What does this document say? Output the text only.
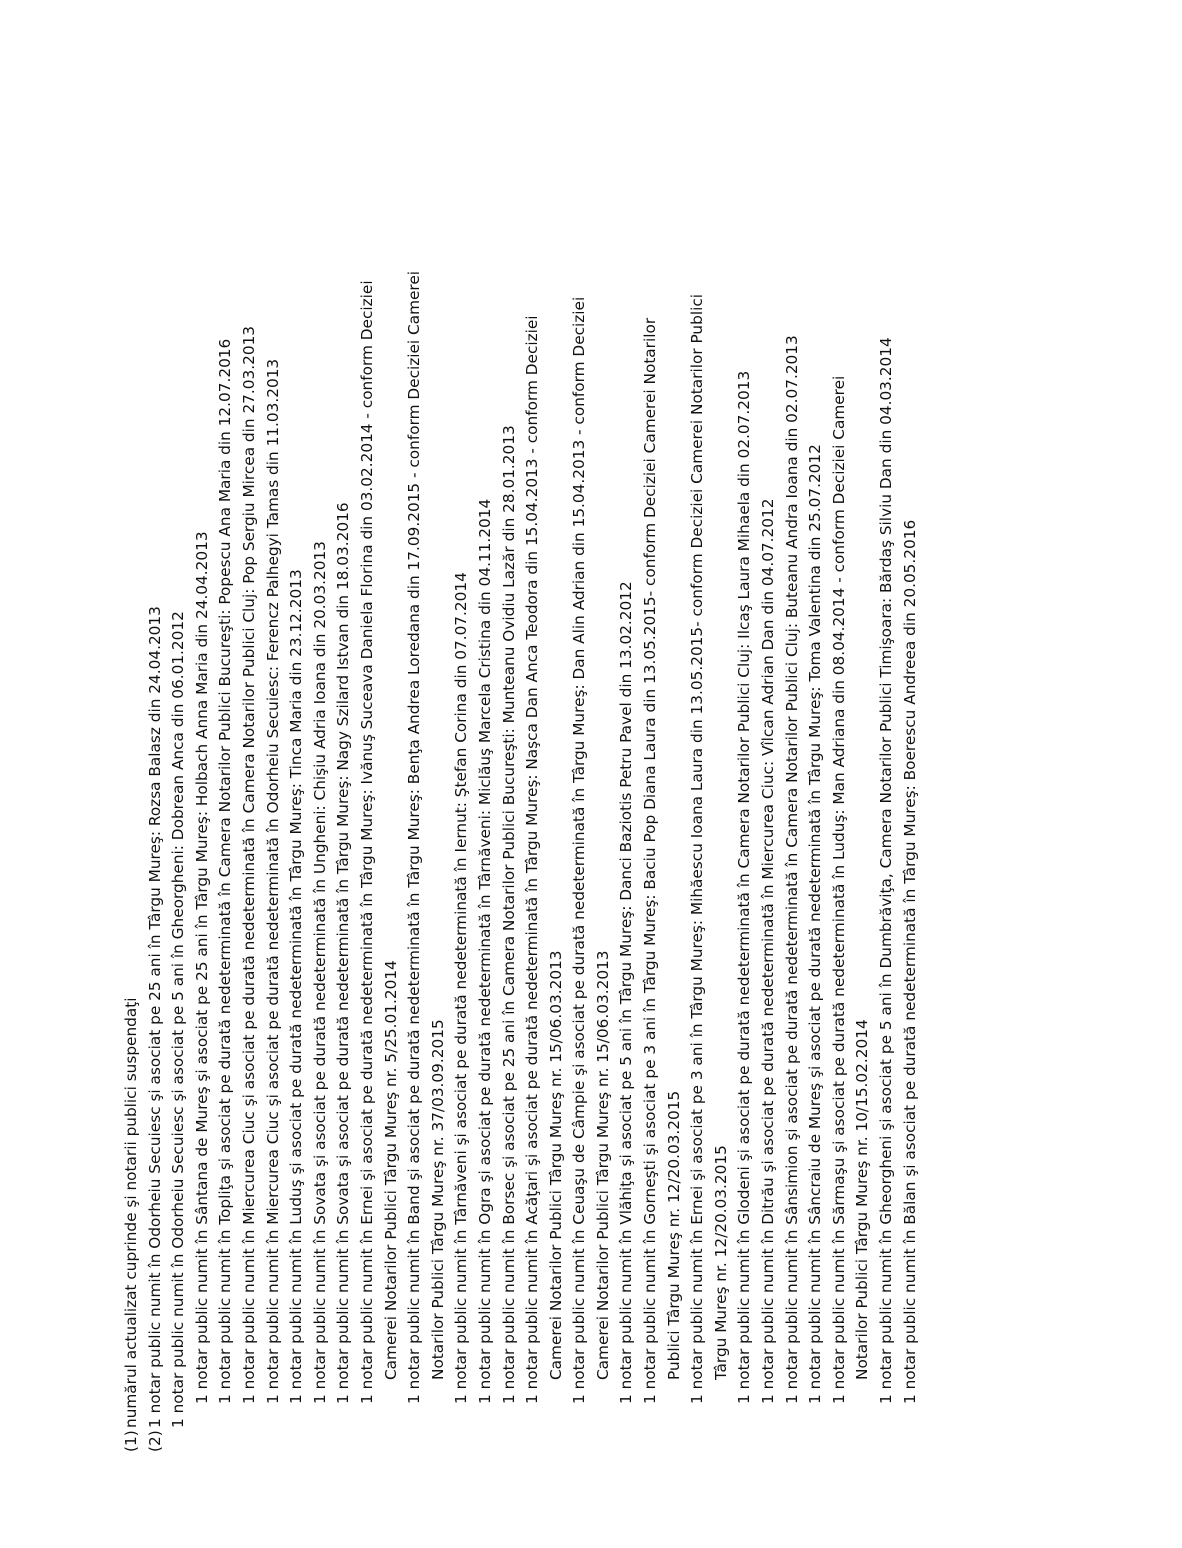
(1)numărul actualizat cuprinde şi notarii publici suspendaţi
(2)1 notar public numit în Odorheiu Secuiesc şi asociat pe 25 ani în Târgu Mureş: Rozsa Balasz din 24.04.2013 1 notar public numit în Odorheiu Secuiesc şi asociat pe 5 ani în Gheorgheni: Dobrean Anca din 06.01.2012 1 notar public numit în Sântana de Mureş şi asociat pe 25 ani în Târgu Mureş: Holbach Anna Maria din 24.04.2013 1 notar public numit în Topliţa şi asociat pe durată nedeterminată în Camera Notarilor Publici Bucureşti: Popescu Ana Maria din 12.07.2016 1 notar public numit în Miercurea Ciuc şi asociat pe durată nedeterminată în Camera Notarilor Publici Cluj: Pop Sergiu Mircea din 27.03.2013 1 notar public numit în Miercurea Ciuc şi asociat pe durată nedeterminată în Odorheiu Secuiesc: Ferencz Palhegyi Tamas din 11.03.2013 1 notar public numit în Luduş şi asociat pe durată nedeterminată în Târgu Mureş: Tinca Maria din 23.12.2013 1 notar public numit în Sovata şi asociat pe durată nedeterminată în Ungheni: Chişiu Adria Ioana din 20.03.2013 1 notar public numit în Sovata şi asociat pe durată nedeterminată în Târgu Mureş: Nagy Szilard Istvan din 18.03.2016 1 notar public numit în Ernei şi asociat pe durată nedeterminată în Târgu Mureş: Ivănuş Suceava Daniela Florina din 03.02.2014 - conform Deciziei Camerei Notarilor Publici Târgu Mureş nr. 5/25.01.2014 1 notar public numit în Band şi asociat pe durată nedeterminată în Târgu Mureş: Benţa Andrea Loredana din 17.09.2015 - conform Deciziei Camerei Notarilor Publici Târgu Mureş nr. 37/03.09.2015 1 notar public numit în Târnăveni şi asociat pe durată nedeterminată în Iernut: Ştefan Corina din 07.07.2014 1 notar public numit în Ogra şi asociat pe durată nedeterminată în Târnăveni: Miclăuş Marcela Cristina din 04.11.2014 1 notar public numit în Borsec şi asociat pe 25 ani în Camera Notarilor Publici Bucureşti: Munteanu Ovidiu Lazăr din 28.01.2013 1 notar public numit în Acăţari şi asociat pe durată nedeterminată în Târgu Mureş: Naşca Dan Anca Teodora din 15.04.2013 - conform Deciziei Camerei Notarilor Publici Târgu Mureş nr. 15/06.03.2013 1 notar public numit în Ceuaşu de Câmpie şi asociat pe durată nedeterminată în Târgu Mureş: Dan Alin Adrian din 15.04.2013 - conform Deciziei Camerei Notarilor Publici Târgu Mureş nr. 15/06.03.2013 1 notar public numit în Vlăhiţa şi asociat pe 5 ani în Târgu Mureş: Danci Baziotis Petru Pavel din 13.02.2012 1 notar public numit în Gorneşti şi asociat pe 3 ani în Târgu Mureş: Baciu Pop Diana Laura din 13.05.2015- conform Deciziei Camerei Notarilor Publici Târgu Mureş nr. 12/20.03.2015 1 notar public numit în Ernei şi asociat pe 3 ani în Târgu Mureş: Mihăescu Ioana Laura din 13.05.2015- conform Deciziei Camerei Notarilor Publici Târgu Mureş nr. 12/20.03.2015 1 notar public numit în Glodeni şi asociat pe durată nedeterminată în Camera Notarilor Publici Cluj: Ilcaş Laura Mihaela din 02.07.2013 1 notar public numit în Ditrău şi asociat pe durată nedeterminată în Miercurea Ciuc: Vîlcan Adrian Dan din 04.07.2012 1 notar public numit în Sânsimion şi asociat pe durată nedeterminată în Camera Notarilor Publici Cluj: Buteanu Andra Ioana din 02.07.2013 1 notar public numit în Sâncraiu de Mureş şi asociat pe durată nedeterminată în Târgu Mureş: Toma Valentina din 25.07.2012 1 notar public numit în Sărmaşu şi asociat pe durată nedeterminată în Luduş: Man Adriana din 08.04.2014 - conform Deciziei Camerei Notarilor Publici Târgu Mureş nr. 10/15.02.2014 1 notar public numit în Gheorgheni şi asociat pe 5 ani în Dumbrăviţa, Camera Notarilor Publici Timişoara: Bărdaş Silviu Dan din 04.03.2014 1 notar public numit în Bălan şi asociat pe durată nedeterminată în Târgu Mureş: Boerescu Andreea din 20.05.2016
